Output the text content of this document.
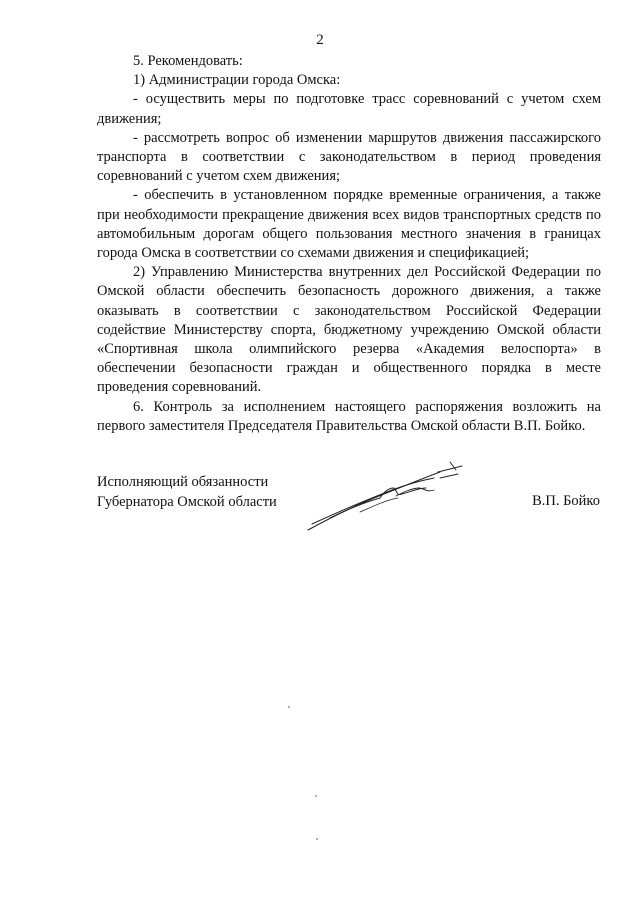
2

5. Рекомендовать:

1) Администрации города Омска:

- осуществить меры по подготовке трасс соревнований с учетом схем движения;

- рассмотреть вопрос об изменении маршрутов движения пассажирского транспорта в соответствии с законодательством в период проведения соревнований с учетом схем движения;

- обеспечить в установленном порядке временные ограничения, а также при необходимости прекращение движения всех видов транспортных средств по автомобильным дорогам общего пользования местного значения в границах города Омска в соответствии со схемами движения и спецификацией;

2) Управлению Министерства внутренних дел Российской Федерации по Омской области обеспечить безопасность дорожного движения, а также оказывать в соответствии с законодательством Российской Федерации содействие Министерству спорта, бюджетному учреждению Омской области «Спортивная школа олимпийского резерва «Академия велоспорта» в обеспечении безопасности граждан и общественного порядка в месте проведения соревнований.

6. Контроль за исполнением настоящего распоряжения возложить на первого заместителя Председателя Правительства Омской области В.П. Бойко.

Исполняющий обязанности
Губернатора Омской области	В.П. Бойко
